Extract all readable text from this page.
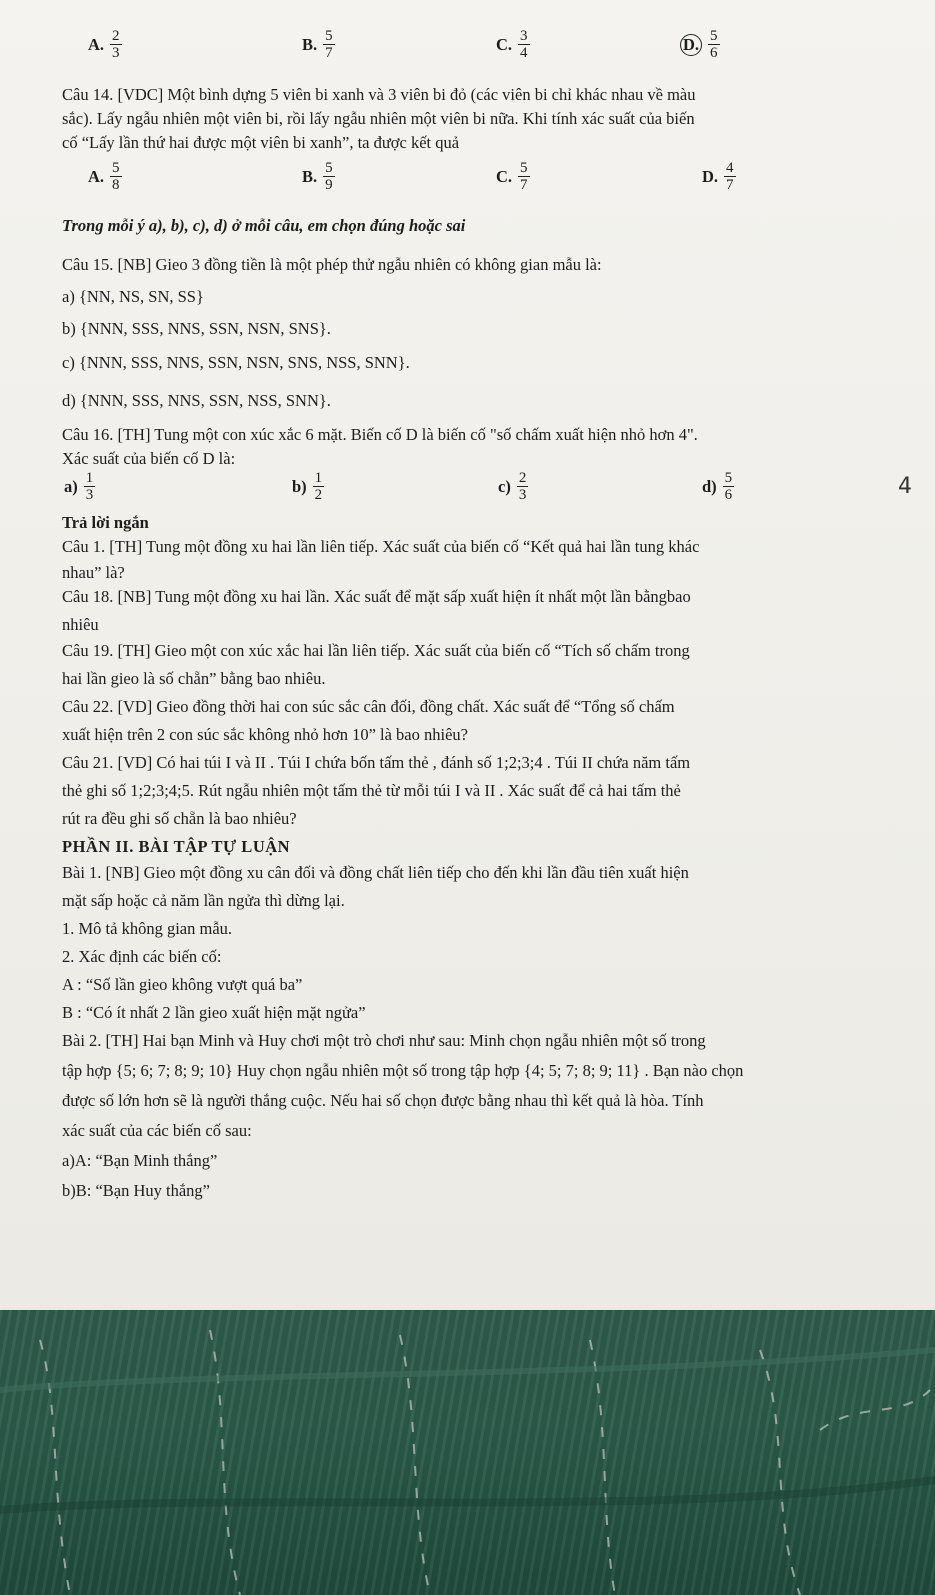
A. $\frac{2}{3}$	B. $\frac{5}{7}$	C. $\frac{3}{4}$	D. $\frac{5}{6}$
Câu 14. [VDC] Một bình dựng 5 viên bi xanh và 3 viên bi đỏ (các viên bi chỉ khác nhau về màu
sắc). Lấy ngẫu nhiên một viên bi, rồi lấy ngẫu nhiên một viên bi nữa. Khi tính xác suất của biến
cố “Lấy lần thứ hai được một viên bi xanh”, ta được kết quả
A. $\frac{5}{8}$	B. $\frac{5}{9}$	C. $\frac{5}{7}$	D. $\frac{4}{7}$
Trong mỗi ý a), b), c), d) ở mỗi câu, em chọn đúng hoặc sai
Câu 15. [NB] Gieo 3 đồng tiền là một phép thử ngẫu nhiên có không gian mẫu là:
a) {NN, NS, SN, SS}
b) {NNN, SSS, NNS, SSN, NSN, SNS}.
c) {NNN, SSS, NNS, SSN, NSN, SNS, NSS, SNN}.
d) {NNN, SSS, NNS, SSN, NSS, SNN}.
Câu 16. [TH] Tung một con xúc xắc 6 mặt. Biến cố D là biến cố "số chấm xuất hiện nhỏ hơn 4".
Xác suất của biến cố D là:
$a) \frac{1}{3}$	$b) \frac{1}{2}$	$c) \frac{2}{3}$	$d) \frac{5}{6}$	4
Trả lời ngắn
Câu 1. [TH] Tung một đồng xu hai lần liên tiếp. Xác suất của biến cố “Kết quả hai lần tung khác
nhau” là?
Câu 18. [NB] Tung một đồng xu hai lần. Xác suất để mặt sấp xuất hiện ít nhất một lần bằngbao
nhiêu
Câu 19. [TH] Gieo một con xúc xắc hai lần liên tiếp. Xác suất của biến cố “Tích số chấm trong
hai lần gieo là số chẵn” bằng bao nhiêu.
Câu 22. [VD] Gieo đồng thời hai con súc sắc cân đối, đồng chất. Xác suất để “Tổng số chấm
xuất hiện trên 2 con súc sắc không nhỏ hơn 10” là bao nhiêu?
Câu 21. [VD] Có hai túi I và II . Túi I chứa bốn tấm thẻ , đánh số 1;2;3;4 . Túi II chứa năm tấm
thẻ ghi số 1;2;3;4;5. Rút ngẫu nhiên một tấm thẻ từ mỗi túi I và II . Xác suất để cả hai tấm thẻ
rút ra đều ghi số chẵn là bao nhiêu?
PHẦN II. BÀI TẬP TỰ LUẬN
Bài 1. [NB] Gieo một đồng xu cân đối và đồng chất liên tiếp cho đến khi lần đầu tiên xuất hiện
mặt sấp hoặc cả năm lần ngửa thì dừng lại.
1. Mô tả không gian mẫu.
2. Xác định các biến cố:
A : “Số lần gieo không vượt quá ba”
B : “Có ít nhất 2 lần gieo xuất hiện mặt ngửa”
Bài 2. [TH] Hai bạn Minh và Huy chơi một trò chơi như sau: Minh chọn ngẫu nhiên một số trong
tập hợp {5; 6; 7; 8; 9; 10} Huy chọn ngẫu nhiên một số trong tập hợp {4; 5; 7; 8; 9; 11} . Bạn nào chọn
được số lớn hơn sẽ là người thắng cuộc. Nếu hai số chọn được bằng nhau thì kết quả là hòa. Tính
xác suất của các biến cố sau:
a)A: “Bạn Minh thắng”
b)B: “Bạn Huy thắng”
